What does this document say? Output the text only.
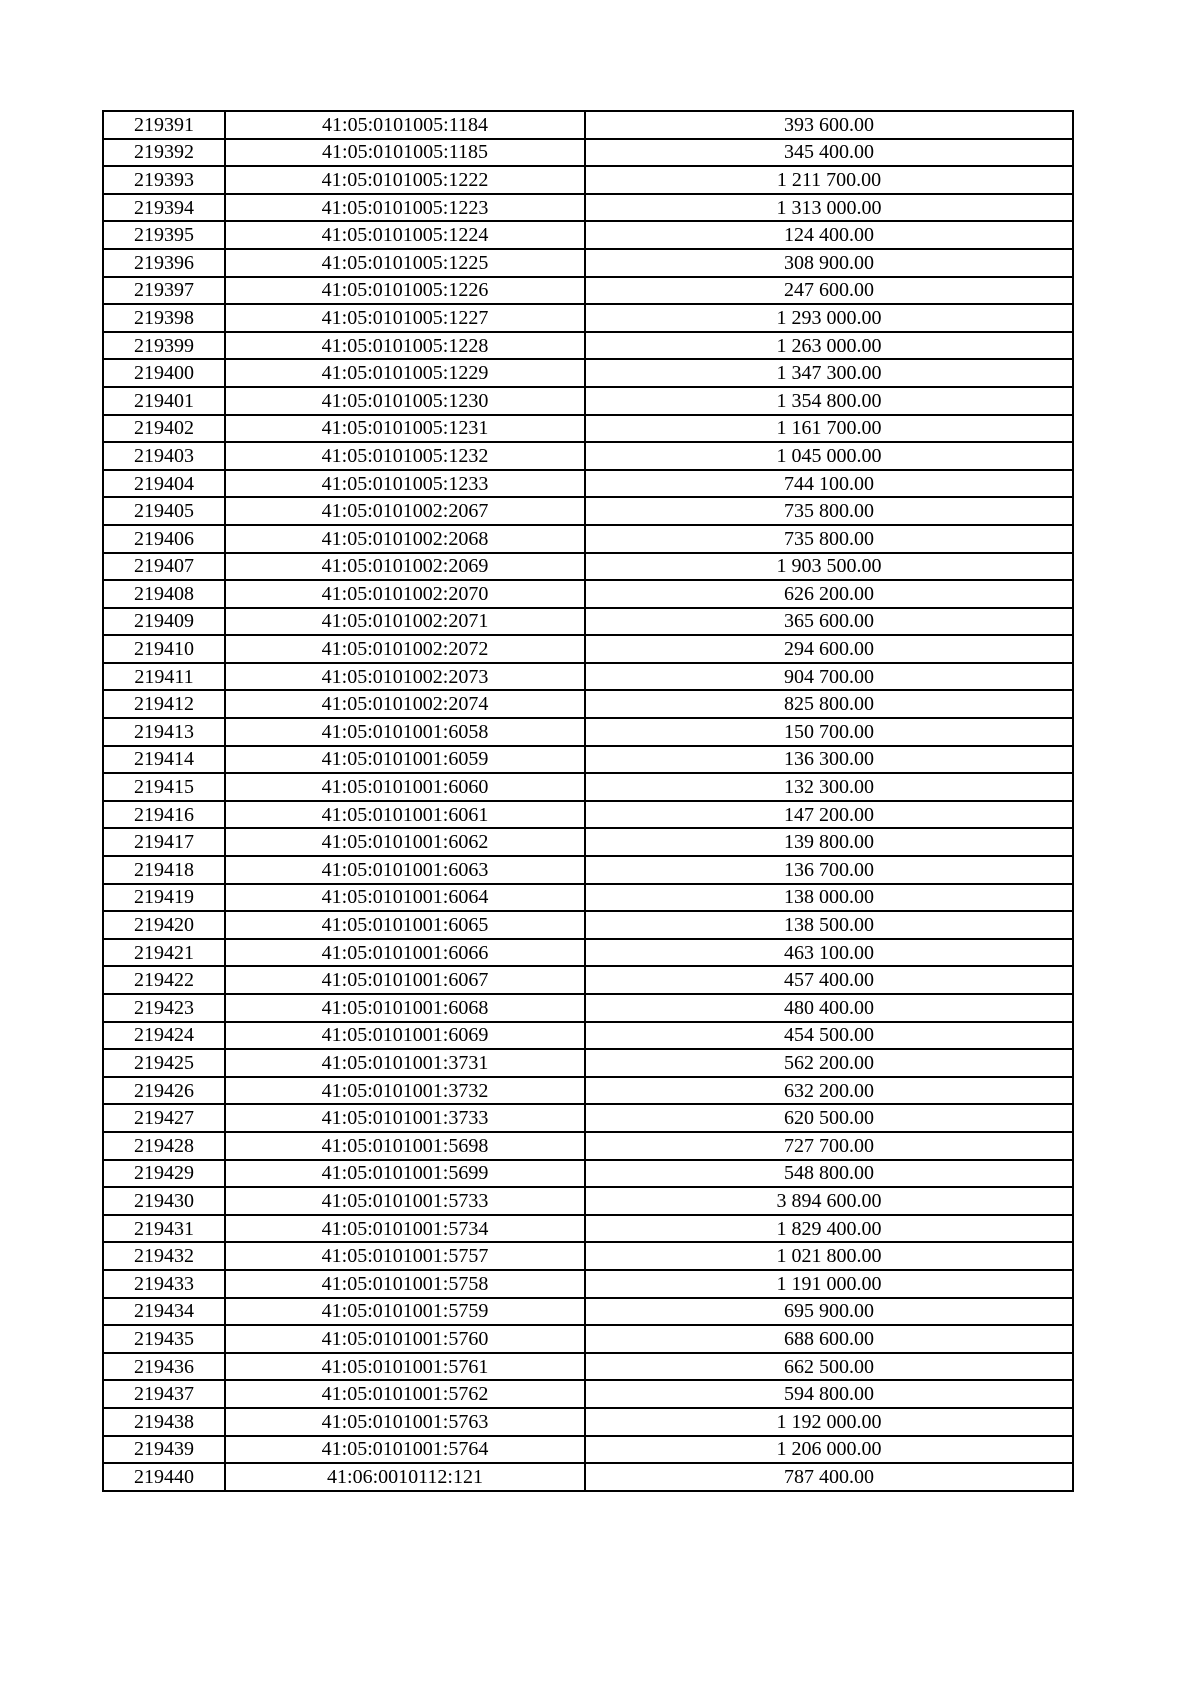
219391	41:05:0101005:1184	393 600.00
219392	41:05:0101005:1185	345 400.00
219393	41:05:0101005:1222	1 211 700.00
219394	41:05:0101005:1223	1 313 000.00
219395	41:05:0101005:1224	124 400.00
219396	41:05:0101005:1225	308 900.00
219397	41:05:0101005:1226	247 600.00
219398	41:05:0101005:1227	1 293 000.00
219399	41:05:0101005:1228	1 263 000.00
219400	41:05:0101005:1229	1 347 300.00
219401	41:05:0101005:1230	1 354 800.00
219402	41:05:0101005:1231	1 161 700.00
219403	41:05:0101005:1232	1 045 000.00
219404	41:05:0101005:1233	744 100.00
219405	41:05:0101002:2067	735 800.00
219406	41:05:0101002:2068	735 800.00
219407	41:05:0101002:2069	1 903 500.00
219408	41:05:0101002:2070	626 200.00
219409	41:05:0101002:2071	365 600.00
219410	41:05:0101002:2072	294 600.00
219411	41:05:0101002:2073	904 700.00
219412	41:05:0101002:2074	825 800.00
219413	41:05:0101001:6058	150 700.00
219414	41:05:0101001:6059	136 300.00
219415	41:05:0101001:6060	132 300.00
219416	41:05:0101001:6061	147 200.00
219417	41:05:0101001:6062	139 800.00
219418	41:05:0101001:6063	136 700.00
219419	41:05:0101001:6064	138 000.00
219420	41:05:0101001:6065	138 500.00
219421	41:05:0101001:6066	463 100.00
219422	41:05:0101001:6067	457 400.00
219423	41:05:0101001:6068	480 400.00
219424	41:05:0101001:6069	454 500.00
219425	41:05:0101001:3731	562 200.00
219426	41:05:0101001:3732	632 200.00
219427	41:05:0101001:3733	620 500.00
219428	41:05:0101001:5698	727 700.00
219429	41:05:0101001:5699	548 800.00
219430	41:05:0101001:5733	3 894 600.00
219431	41:05:0101001:5734	1 829 400.00
219432	41:05:0101001:5757	1 021 800.00
219433	41:05:0101001:5758	1 191 000.00
219434	41:05:0101001:5759	695 900.00
219435	41:05:0101001:5760	688 600.00
219436	41:05:0101001:5761	662 500.00
219437	41:05:0101001:5762	594 800.00
219438	41:05:0101001:5763	1 192 000.00
219439	41:05:0101001:5764	1 206 000.00
219440	41:06:0010112:121	787 400.00
